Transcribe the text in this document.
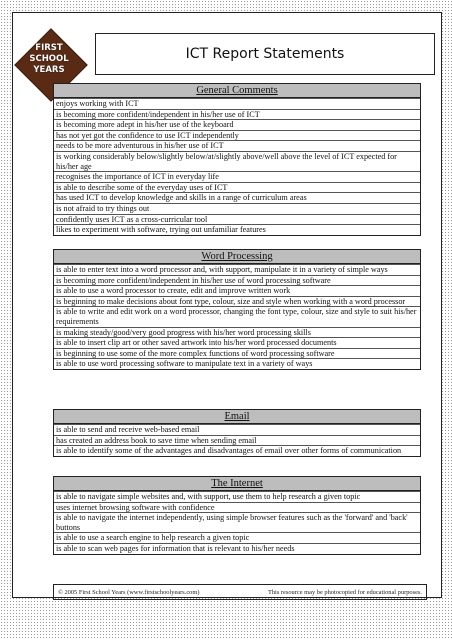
FIRST
SCHOOL
YEARS
ICT Report Statements
General Comments
enjoys working with ICT
is becoming more confident/independent in his/her use of ICT
is becoming more adept in his/her use of the keyboard
has not yet got the confidence to use ICT independently
needs to be more adventurous in his/her use of ICT
is working considerably below/slightly below/at/slightly above/well above the level of ICT expected for his/her age
recognises the importance of ICT in everyday life
is able to describe some of the everyday uses of ICT
has used ICT to develop knowledge and skills in a range of curriculum areas
is not afraid to try things out
confidently uses ICT as a cross-curricular tool
likes to experiment with software, trying out unfamiliar features
Word Processing
is able to enter text into a word processor and, with support, manipulate it in a variety of simple ways
is becoming more confident/independent in his/her use of word processing software
is able to use a word processor to create, edit and improve written work
is beginning to make decisions about font type, colour, size and style when working with a word processor
is able to write and edit work on a word processor, changing the font type, colour, size and style to suit his/her requirements
is making steady/good/very good progress with his/her word processing skills
is able to insert clip art or other saved artwork into his/her word processed documents
is beginning to use some of the more complex functions of word processing software
is able to use word processing software to manipulate text in a variety of ways
Email
is able to send and receive web-based email
has created an address book to save time when sending email
is able to identify some of the advantages and disadvantages of email over other forms of communication
The Internet
is able to navigate simple websites and, with support, use them to help research a given topic
uses internet browsing software with confidence
is able to navigate the internet independently, using simple browser features such as the 'forward' and 'back' buttons
is able to use a search engine to help research a given topic
is able to scan web pages for information that is relevant to his/her needs
© 2005 First School Years (www.firstschoolyears.com)	This resource may be photocopied for educational purposes.
